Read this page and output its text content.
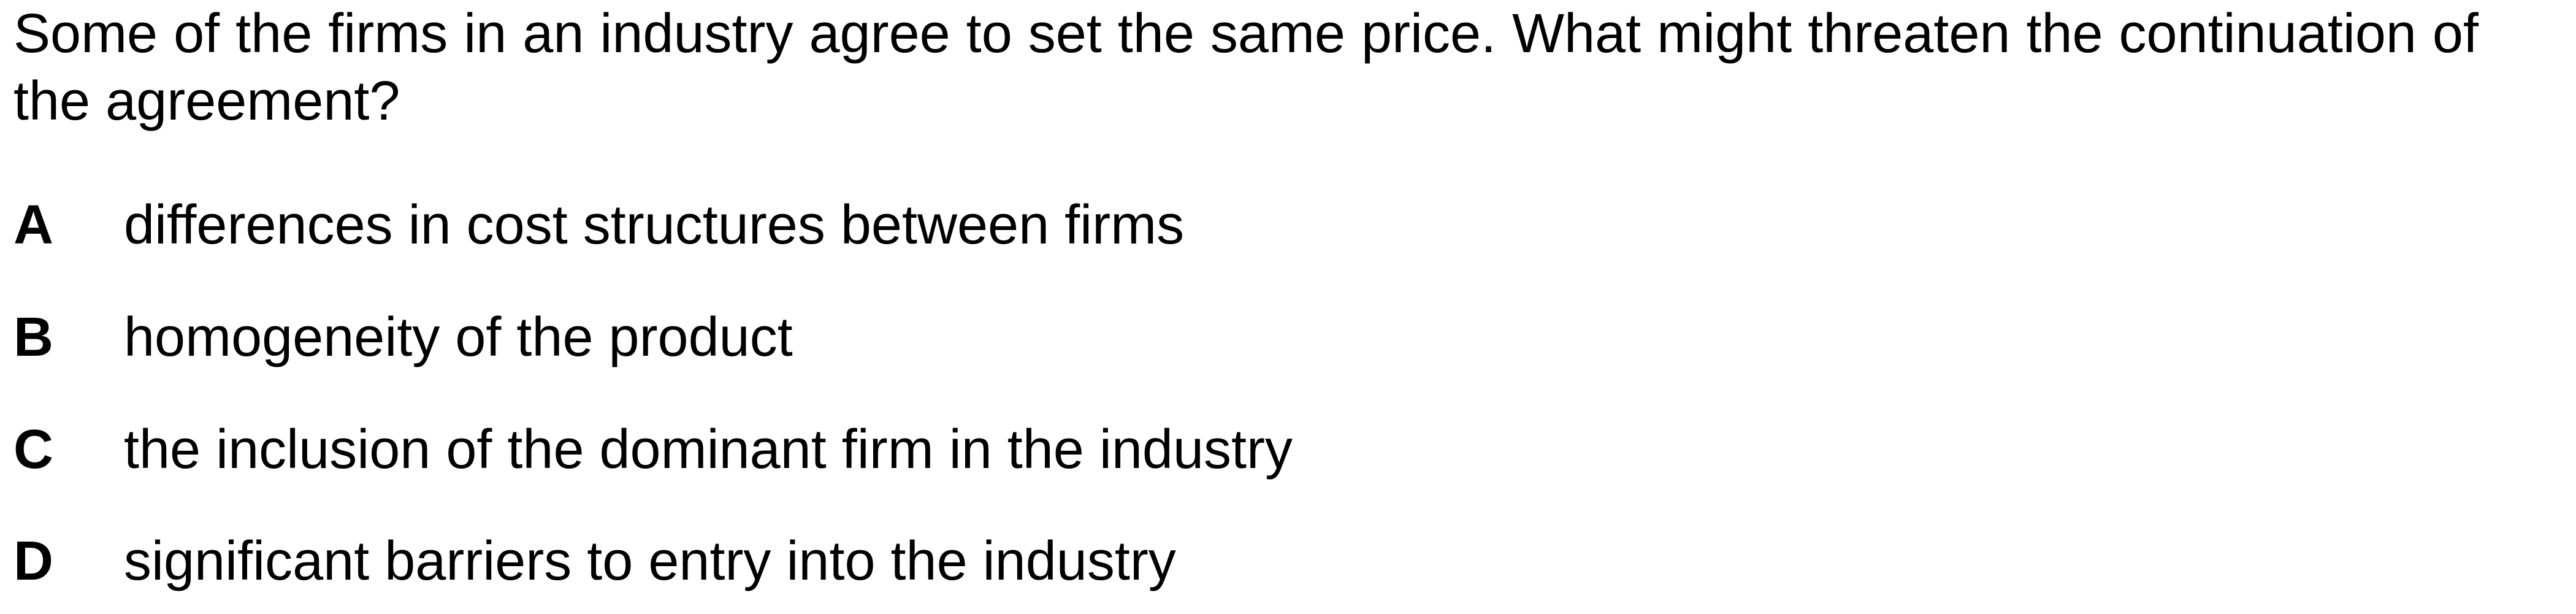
Some of the firms in an industry agree to set the same price. What might threaten the continuation of the agreement?

A differences in cost structures between firms
B homogeneity of the product
C the inclusion of the dominant firm in the industry
D significant barriers to entry into the industry
